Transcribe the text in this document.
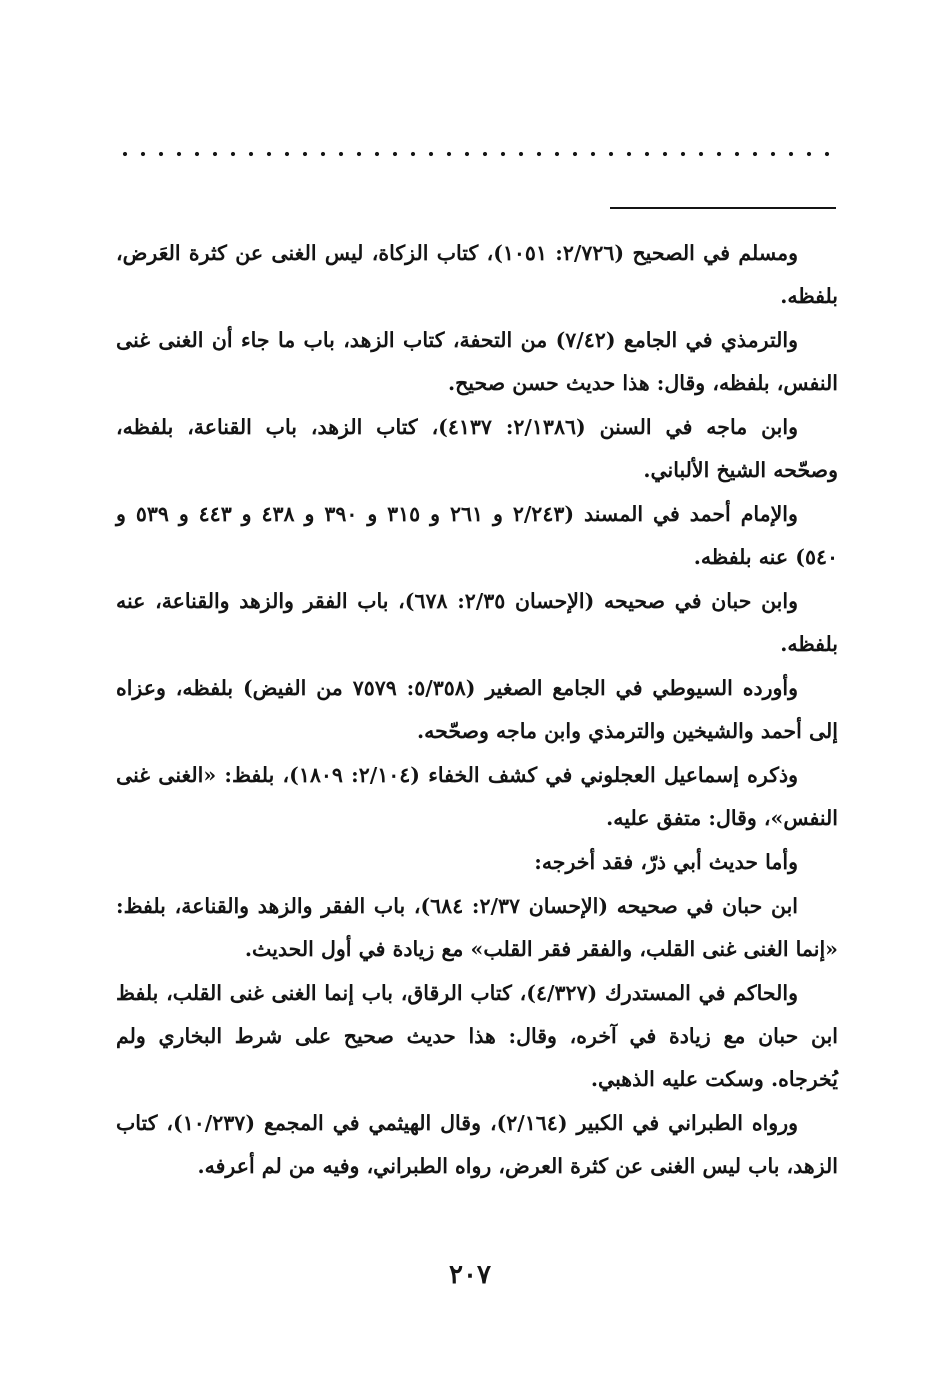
ومسلم في الصحيح (٢/٧٢٦: ١٠٥١)، كتاب الزكاة، ليس الغنى عن كثرة العَرض، بلفظه.

والترمذي في الجامع (٧/٤٢) من التحفة، كتاب الزهد، باب ما جاء أن الغنى غنى النفس، بلفظه، وقال: هذا حديث حسن صحيح.

وابن ماجه في السنن (٢/١٣٨٦: ٤١٣٧)، كتاب الزهد، باب القناعة، بلفظه، وصحّحه الشيخ الألباني.

والإمام أحمد في المسند (٢/٢٤٣ و ٢٦١ و ٣١٥ و ٣٩٠ و ٤٣٨ و ٤٤٣ و ٥٣٩ و ٥٤٠) عنه بلفظه.

وابن حبان في صحيحه (الإحسان ٢/٣٥: ٦٧٨)، باب الفقر والزهد والقناعة، عنه بلفظه.

وأورده السيوطي في الجامع الصغير (٥/٣٥٨: ٧٥٧٩ من الفيض) بلفظه، وعزاه إلى أحمد والشيخين والترمذي وابن ماجه وصحّحه.

وذكره إسماعيل العجلوني في كشف الخفاء (٢/١٠٤: ١٨٠٩)، بلفظ: «الغنى غنى النفس»، وقال: متفق عليه.

وأما حديث أبي ذرّ، فقد أخرجه:

ابن حبان في صحيحه (الإحسان ٢/٣٧: ٦٨٤)، باب الفقر والزهد والقناعة، بلفظ: «إنما الغنى غنى القلب، والفقر فقر القلب» مع زيادة في أول الحديث.

والحاكم في المستدرك (٤/٣٢٧)، كتاب الرقاق، باب إنما الغنى غنى القلب، بلفظ ابن حبان مع زيادة في آخره، وقال: هذا حديث صحيح على شرط البخاري ولم يُخرجاه. وسكت عليه الذهبي.

ورواه الطبراني في الكبير (٢/١٦٤)، وقال الهيثمي في المجمع (١٠/٢٣٧)، كتاب الزهد، باب ليس الغنى عن كثرة العرض، رواه الطبراني، وفيه من لم أعرفه.

٢٠٧
